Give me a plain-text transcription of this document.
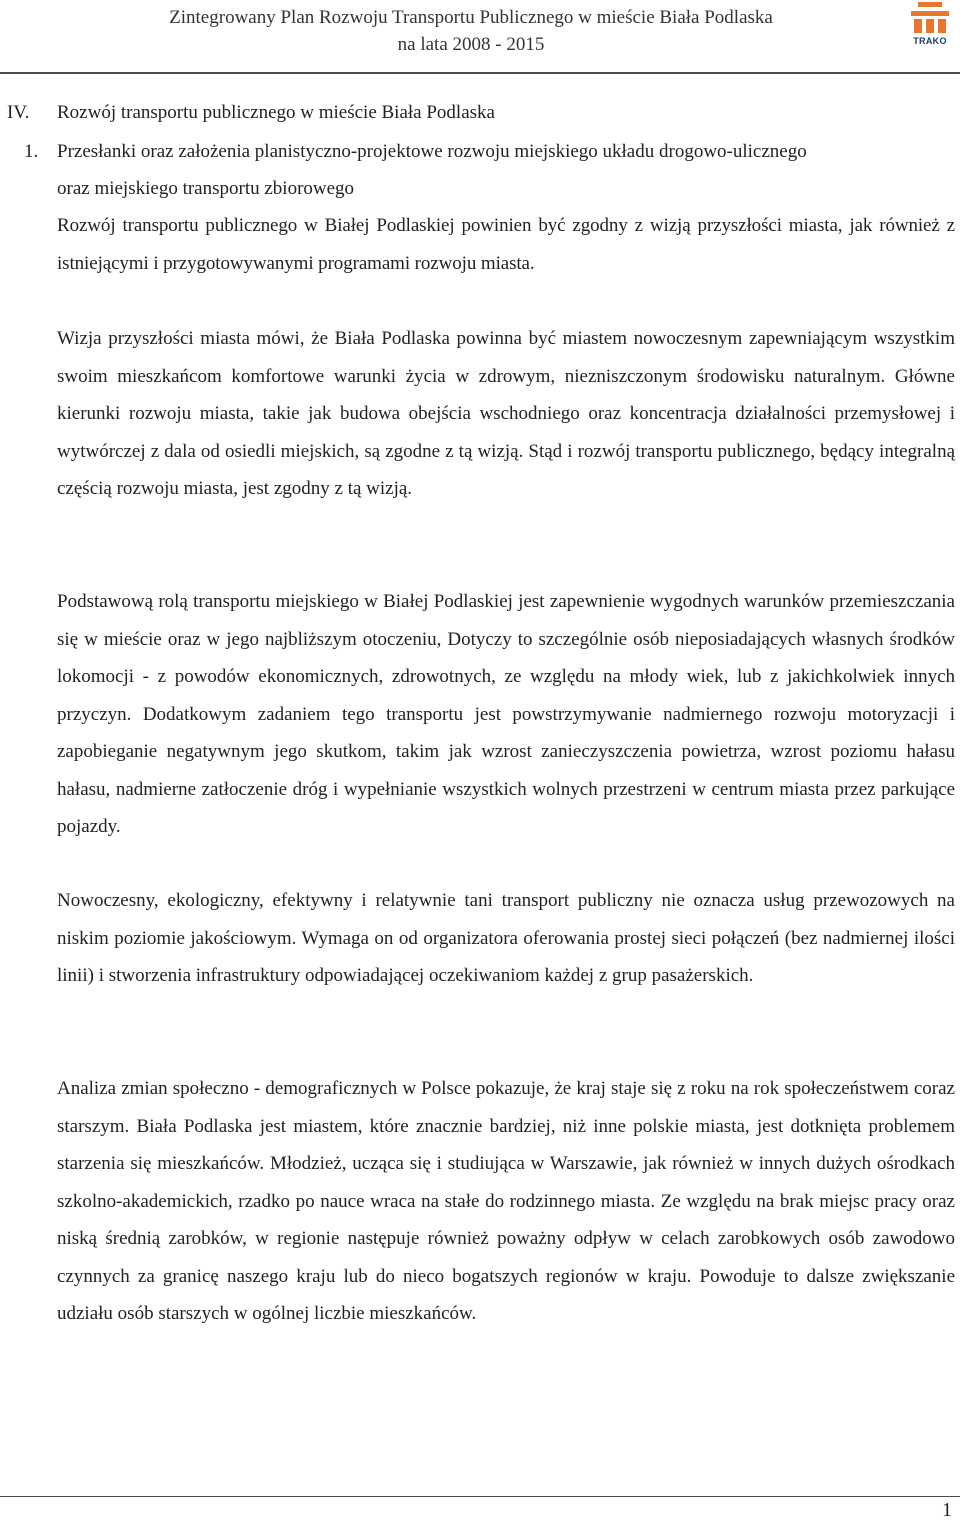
Zintegrowany Plan Rozwoju Transportu Publicznego w mieście Biała Podlaska
na lata 2008 - 2015	TRAKO
IV. Rozwój transportu publicznego w mieście Biała Podlaska
1. Przesłanki oraz założenia planistyczno-projektowe rozwoju miejskiego układu drogowo-ulicznego
oraz miejskiego transportu zbiorowego

Rozwój transportu publicznego w Białej Podlaskiej powinien być zgodny z wizją przyszłości miasta, jak również z istniejącymi i przygotowywanymi programami rozwoju miasta.

Wizja przyszłości miasta mówi, że Biała Podlaska powinna być miastem nowoczesnym zapewniającym wszystkim swoim mieszkańcom komfortowe warunki życia w zdrowym, niezniszczonym środowisku naturalnym. Główne kierunki rozwoju miasta, takie jak budowa obejścia wschodniego oraz koncentracja działalności przemysłowej i wytwórczej z dala od osiedli miejskich, są zgodne z tą wizją. Stąd i rozwój transportu publicznego, będący integralną częścią rozwoju miasta, jest zgodny z tą wizją.

Podstawową rolą transportu miejskiego w Białej Podlaskiej jest zapewnienie wygodnych warunków przemieszczania się w mieście oraz w jego najbliższym otoczeniu, Dotyczy to szczególnie osób nieposiadających własnych środków lokomocji - z powodów ekonomicznych, zdrowotnych, ze względu na młody wiek, lub z jakichkolwiek innych przyczyn. Dodatkowym zadaniem tego transportu jest powstrzymywanie nadmiernego rozwoju motoryzacji i zapobieganie negatywnym jego skutkom, takim jak wzrost zanieczyszczenia powietrza, wzrost poziomu hałasu hałasu, nadmierne zatłoczenie dróg i wypełnianie wszystkich wolnych przestrzeni w centrum miasta przez parkujące pojazdy.

Nowoczesny, ekologiczny, efektywny i relatywnie tani transport publiczny nie oznacza usług przewozowych na niskim poziomie jakościowym. Wymaga on od organizatora oferowania prostej sieci połączeń (bez nadmiernej ilości linii) i stworzenia infrastruktury odpowiadającej oczekiwaniom każdej z grup pasażerskich.

Analiza zmian społeczno - demograficznych w Polsce pokazuje, że kraj staje się z roku na rok społeczeństwem coraz starszym. Biała Podlaska jest miastem, które znacznie bardziej, niż inne polskie miasta, jest dotknięta problemem starzenia się mieszkańców. Młodzież, ucząca się i studiująca w Warszawie, jak również w innych dużych ośrodkach szkolno-akademickich, rzadko po nauce wraca na stałe do rodzinnego miasta. Ze względu na brak miejsc pracy oraz niską średnią zarobków, w regionie następuje również poważny odpływ w celach zarobkowych osób zawodowo czynnych za granicę naszego kraju lub do nieco bogatszych regionów w kraju. Powoduje to dalsze zwiększanie udziału osób starszych w ogólnej liczbie mieszkańców.

1
